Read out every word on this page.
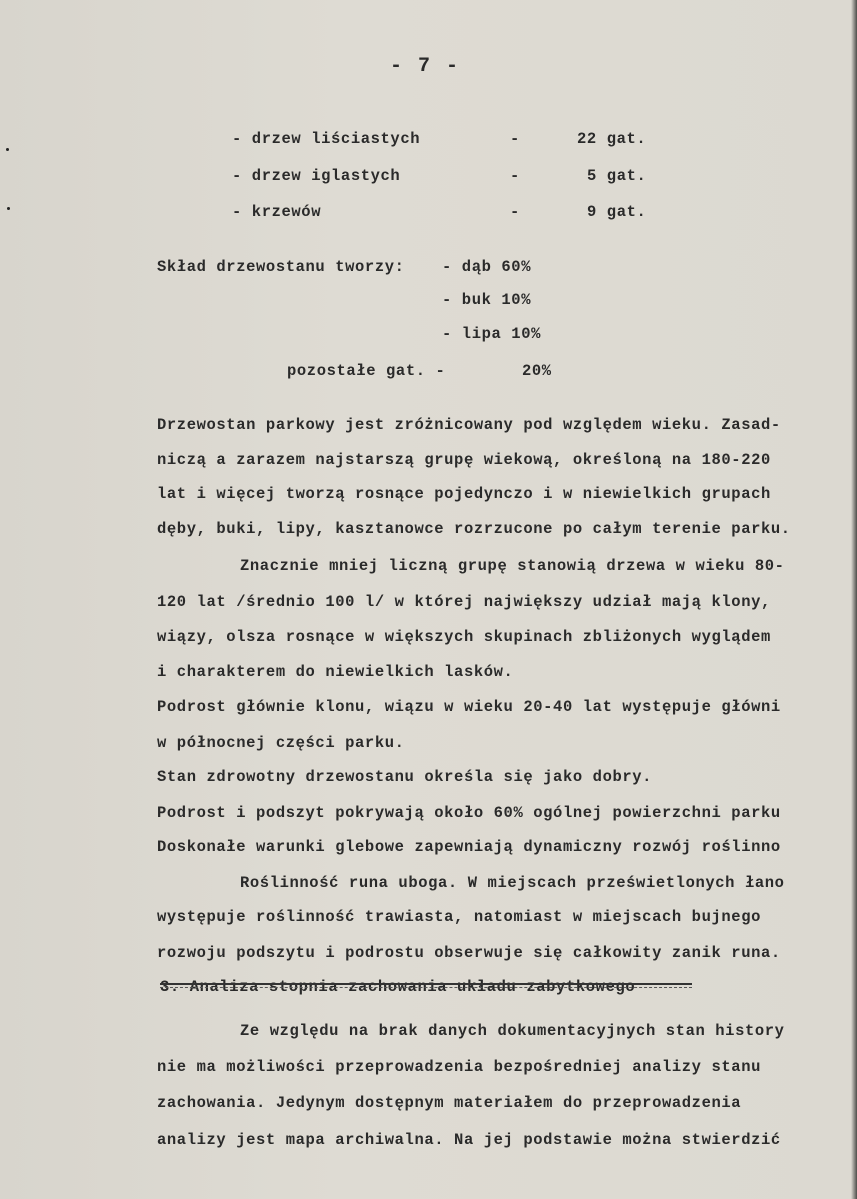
- 7 -
- drzew liściastych	-	22 gat.
- drzew iglastych	-	5 gat.
- krzewów	-	9 gat.
Skład drzewostanu tworzy: - dąb 60%
- buk 10%
- lipa 10%
pozostałe gat. -	20%
Drzewostan parkowy jest zróżnicowany pod względem wieku. Zasad-
niczą a zarazem najstarszą grupę wiekową, określoną na 180-220
lat i więcej tworzą rosnące pojedynczo i w niewielkich grupach
dęby, buki, lipy, kasztanowce rozrzucone po całym terenie parku.
Znacznie mniej liczną grupę stanowią drzewa w wieku 80-
120 lat /średnio 100 l/ w której największy udział mają klony,
wiązy, olsza rosnące w większych skupinach zbliżonych wyglądem
i charakterem do niewielkich lasków.
Podrost głównie klonu, wiązu w wieku 20-40 lat występuje główni
w północnej części parku.
Stan zdrowotny drzewostanu określa się jako dobry.
Podrost i podszyt pokrywają około 60% ogólnej powierzchni parku
Doskonałe warunki glebowe zapewniają dynamiczny rozwój roślinno
Roślinność runa uboga. W miejscach prześwietlonych łano
występuje roślinność trawiasta, natomiast w miejscach bujnego
rozwoju podszytu i podrostu obserwuje się całkowity zanik runa.
3. Analiza stopnia zachowania układu zabytkowego
Ze względu na brak danych dokumentacyjnych stan history
nie ma możliwości przeprowadzenia bezpośredniej analizy stanu
zachowania. Jedynym dostępnym materiałem do przeprowadzenia
analizy jest mapa archiwalna. Na jej podstawie można stwierdzić
